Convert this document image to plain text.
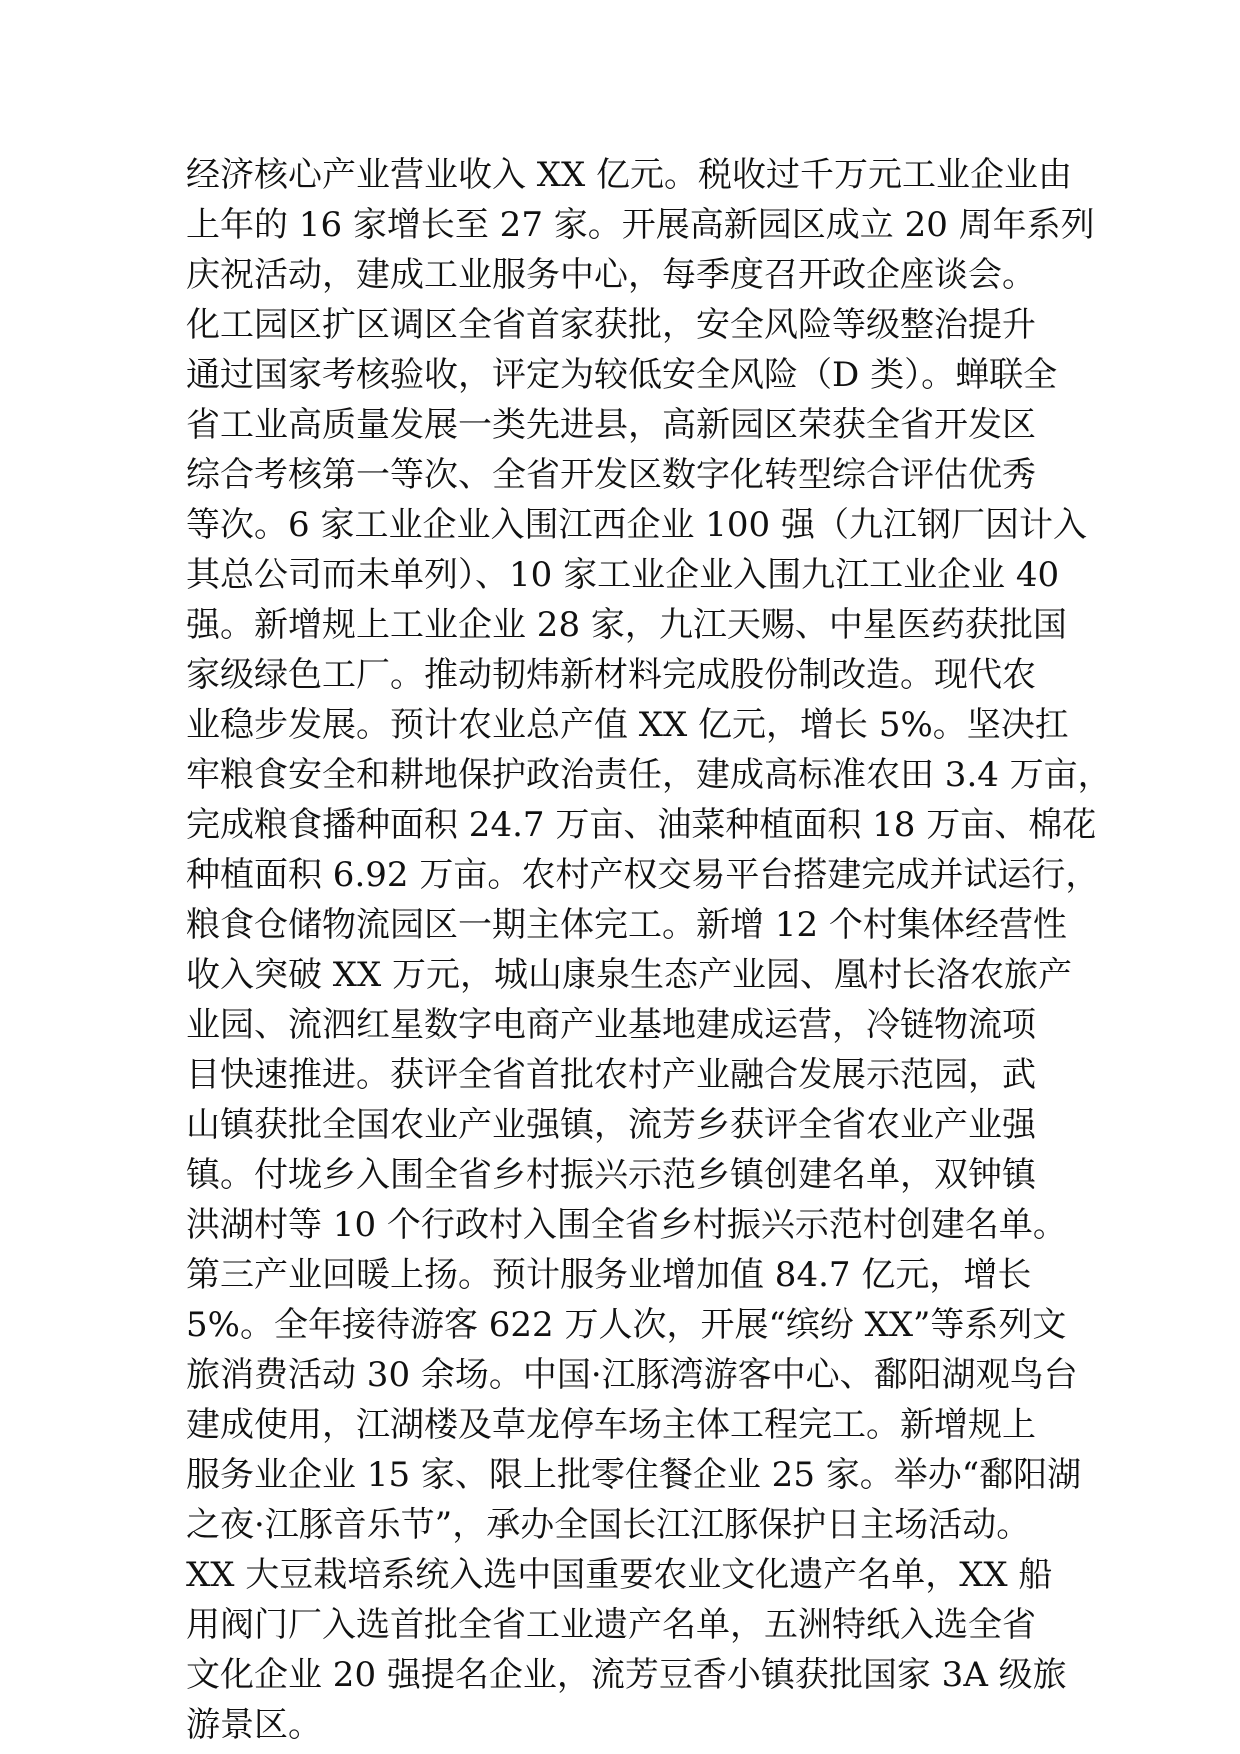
经济核心产业营业收入 XX 亿元。税收过千万元工业企业由
上年的 16 家增长至 27 家。开展高新园区成立 20 周年系列
庆祝活动，建成工业服务中心，每季度召开政企座谈会。
化工园区扩区调区全省首家获批，安全风险等级整治提升
通过国家考核验收，评定为较低安全风险（D 类）。蝉联全
省工业高质量发展一类先进县，高新园区荣获全省开发区
综合考核第一等次、全省开发区数字化转型综合评估优秀
等次。6 家工业企业入围江西企业 100 强（九江钢厂因计入
其总公司而未单列）、10 家工业企业入围九江工业企业 40
强。新增规上工业企业 28 家，九江天赐、中星医药获批国
家级绿色工厂。推动韧炜新材料完成股份制改造。现代农
业稳步发展。预计农业总产值 XX 亿元，增长 5%。坚决扛
牢粮食安全和耕地保护政治责任，建成高标准农田 3.4 万亩，
完成粮食播种面积 24.7 万亩、油菜种植面积 18 万亩、棉花
种植面积 6.92 万亩。农村产权交易平台搭建完成并试运行，
粮食仓储物流园区一期主体完工。新增 12 个村集体经营性
收入突破 XX 万元，城山康泉生态产业园、凰村长洛农旅产
业园、流泗红星数字电商产业基地建成运营，冷链物流项
目快速推进。获评全省首批农村产业融合发展示范园，武
山镇获批全国农业产业强镇，流芳乡获评全省农业产业强
镇。付垅乡入围全省乡村振兴示范乡镇创建名单，双钟镇
洪湖村等 10 个行政村入围全省乡村振兴示范村创建名单。
第三产业回暖上扬。预计服务业增加值 84.7 亿元，增长
5%。全年接待游客 622 万人次，开展“缤纷 XX”等系列文
旅消费活动 30 余场。中国·江豚湾游客中心、鄱阳湖观鸟台
建成使用，江湖楼及草龙停车场主体工程完工。新增规上
服务业企业 15 家、限上批零住餐企业 25 家。举办“鄱阳湖
之夜·江豚音乐节”，承办全国长江江豚保护日主场活动。
XX 大豆栽培系统入选中国重要农业文化遗产名单，XX 船
用阀门厂入选首批全省工业遗产名单，五洲特纸入选全省
文化企业 20 强提名企业，流芳豆香小镇获批国家 3A 级旅
游景区。
